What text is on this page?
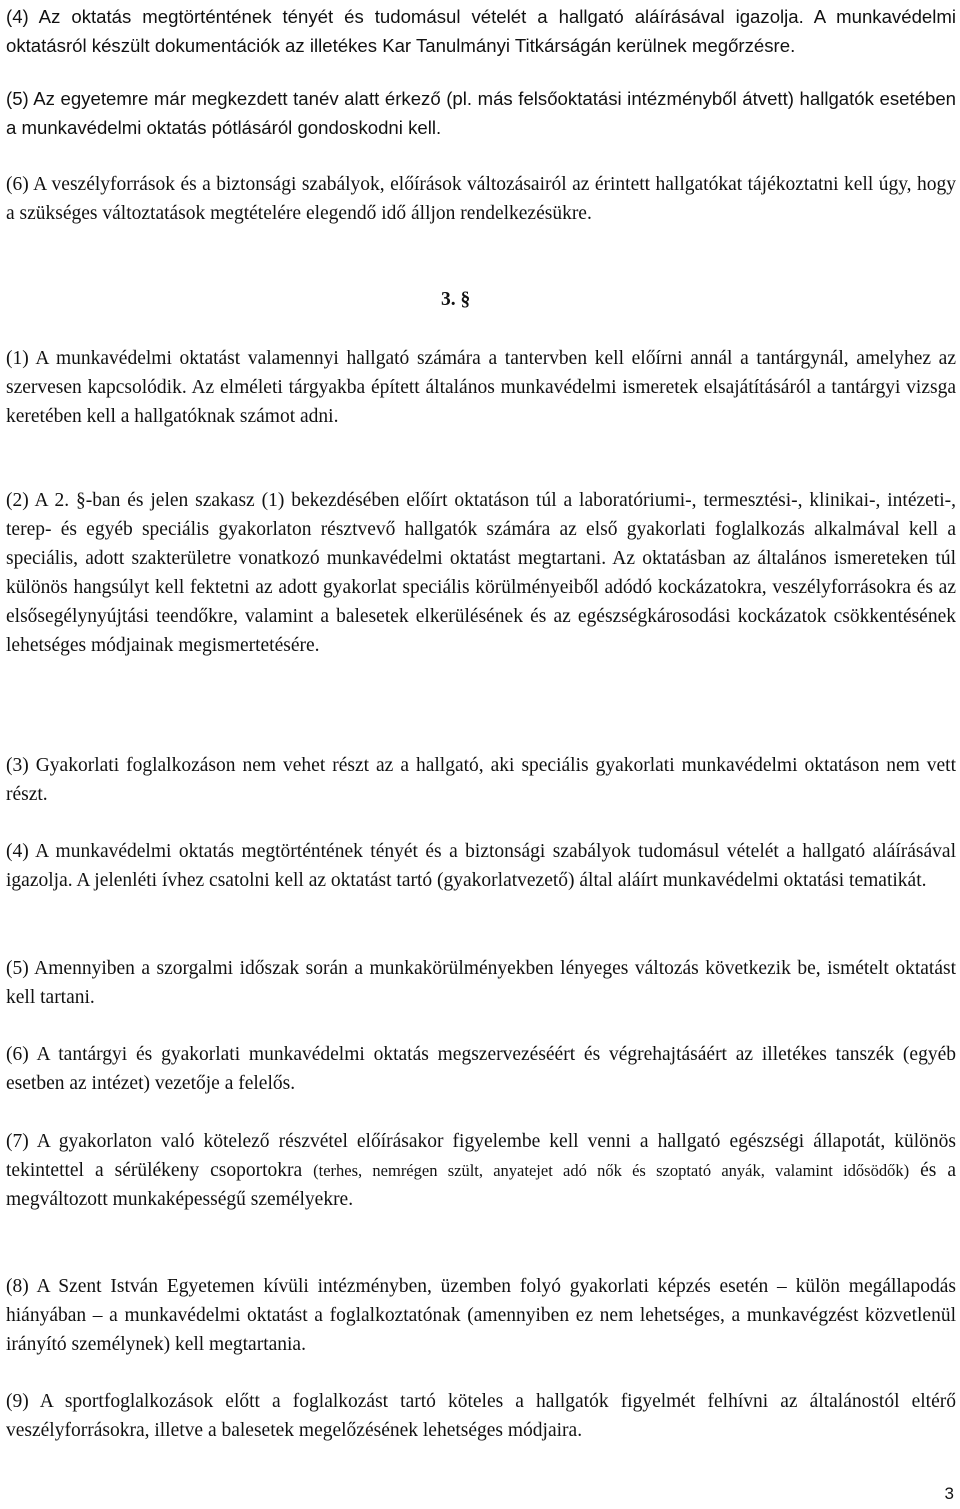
(4) Az oktatás megtörténtének tényét és tudomásul vételét a hallgató aláírásával igazolja. A munkavédelmi oktatásról készült dokumentációk az illetékes Kar Tanulmányi Titkárságán kerülnek megőrzésre.

(5) Az egyetemre már megkezdett tanév alatt érkező (pl. más felsőoktatási intézményből átvett) hallgatók esetében a munkavédelmi oktatás pótlásáról gondoskodni kell.

(6) A veszélyforrások és a biztonsági szabályok, előírások változásairól az érintett hallgatókat tájékoztatni kell úgy, hogy a szükséges változtatások megtételére elegendő idő álljon rendelkezésükre.

3. §

(1) A munkavédelmi oktatást valamennyi hallgató számára a tantervben kell előírni annál a tantárgynál, amelyhez az szervesen kapcsolódik. Az elméleti tárgyakba épített általános munkavédelmi ismeretek elsajátításáról a tantárgyi vizsga keretében kell a hallgatóknak számot adni.

(2) A 2. §-ban és jelen szakasz (1) bekezdésében előírt oktatáson túl a laboratóriumi-, termesztési-, klinikai-, intézeti-, terep- és egyéb speciális gyakorlaton résztvevő hallgatók számára az első gyakorlati foglalkozás alkalmával kell a speciális, adott szakterületre vonatkozó munkavédelmi oktatást megtartani. Az oktatásban az általános ismereteken túl különös hangsúlyt kell fektetni az adott gyakorlat speciális körülményeiből adódó kockázatokra, veszélyforrásokra és az elsősegélynyújtási teendőkre, valamint a balesetek elkerülésének és az egészségkárosodási kockázatok csökkentésének lehetséges módjainak megismertetésére.

(3) Gyakorlati foglalkozáson nem vehet részt az a hallgató, aki speciális gyakorlati munkavédelmi oktatáson nem vett részt.

(4) A munkavédelmi oktatás megtörténtének tényét és a biztonsági szabályok tudomásul vételét a hallgató aláírásával igazolja. A jelenléti ívhez csatolni kell az oktatást tartó (gyakorlatvezető) által aláírt munkavédelmi oktatási tematikát.

(5) Amennyiben a szorgalmi időszak során a munkakörülményekben lényeges változás következik be, ismételt oktatást kell tartani.

(6) A tantárgyi és gyakorlati munkavédelmi oktatás megszervezéséért és végrehajtásáért az illetékes tanszék (egyéb esetben az intézet) vezetője a felelős.

(7) A gyakorlaton való kötelező részvétel előírásakor figyelembe kell venni a hallgató egészségi állapotát, különös tekintettel a sérülékeny csoportokra (terhes, nemrégen szült, anyatejet adó nők és szoptató anyák, valamint idősödők) és a megváltozott munkaképességű személyekre.

(8) A Szent István Egyetemen kívüli intézményben, üzemben folyó gyakorlati képzés esetén – külön megállapodás hiányában – a munkavédelmi oktatást a foglalkoztatónak (amennyiben ez nem lehetséges, a munkavégzést közvetlenül irányító személynek) kell megtartania.

(9) A sportfoglalkozások előtt a foglalkozást tartó köteles a hallgatók figyelmét felhívni az általánostól eltérő veszélyforrásokra, illetve a balesetek megelőzésének lehetséges módjaira.

3
